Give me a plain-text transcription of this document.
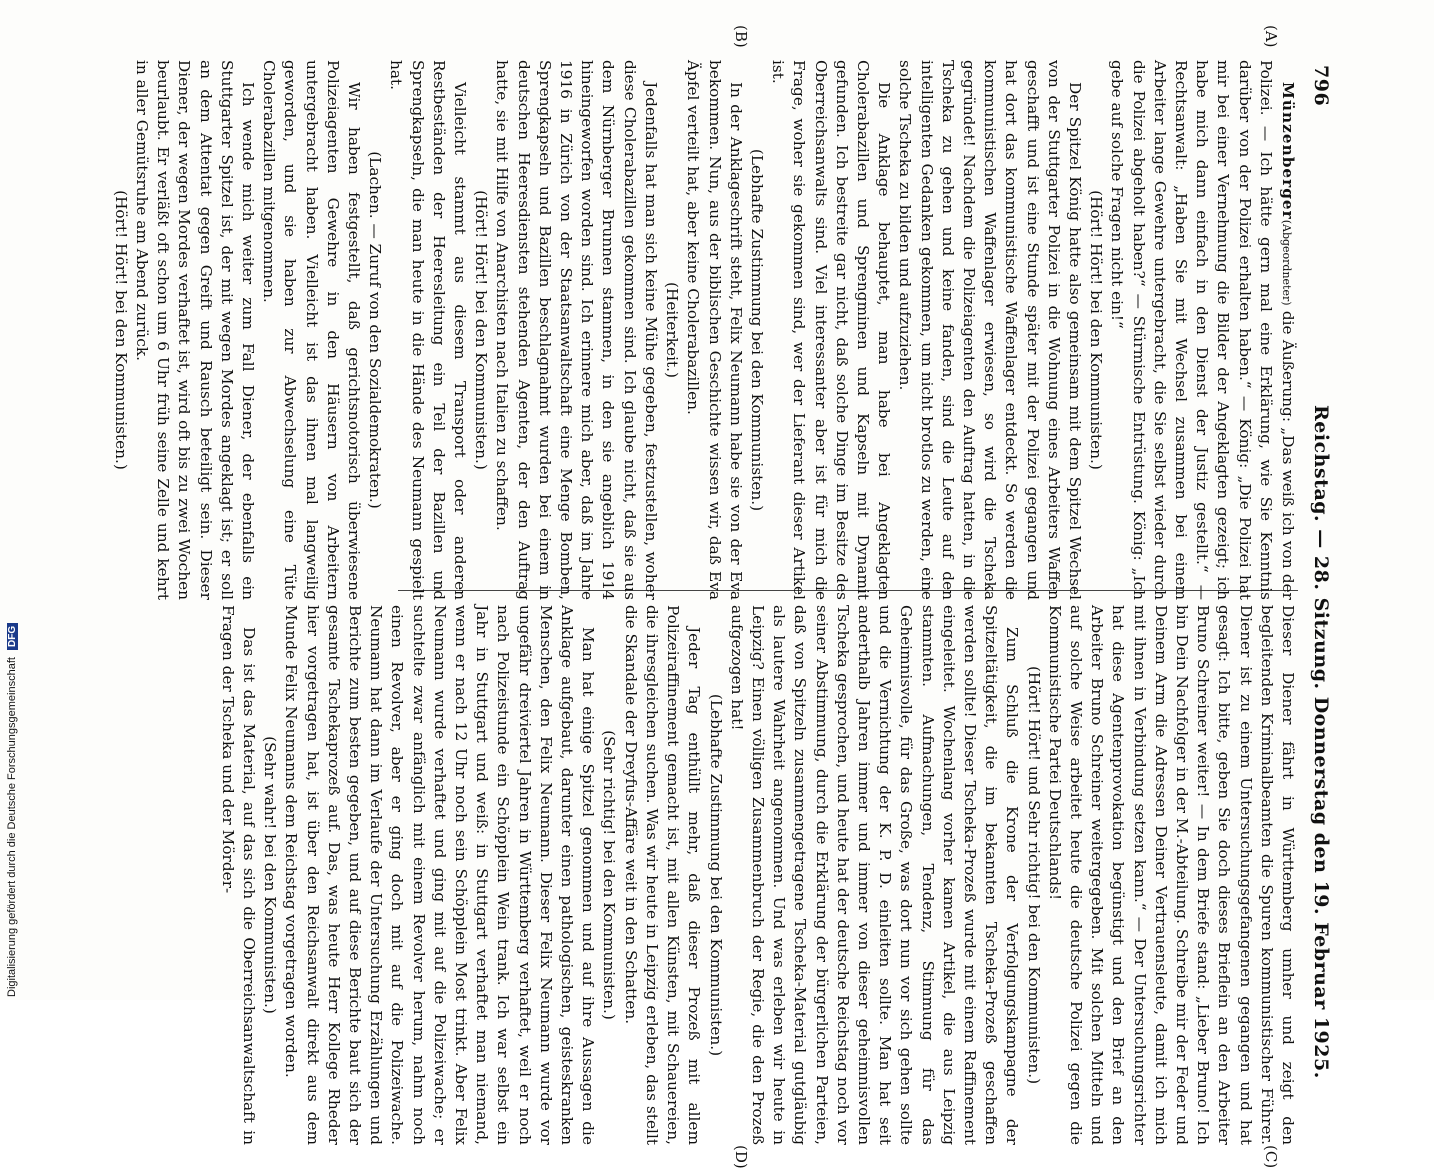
796
Reichstag. — 28. Sitzung. Donnerstag den 19. Februar 1925.
(A)
(B)
(C)
(D)

Münzenberger(Abgeordneter) die Äußerung: „Das weiß ich von der Polizei. — Ich hätte gern mal eine Erklärung, wie Sie Kenntnis darüber von der Polizei erhalten haben.“ — König: „Die Polizei hat mir bei einer Vernehmung die Bilder der Angeklagten gezeigt; ich habe mich dann einfach in den Dienst der Justiz gestellt.“ — Rechtsanwalt: „Haben Sie mit Wechsel zusammen bei einem Arbeiter lange Gewehre untergebracht, die Sie selbst wieder durch die Polizei abgeholt haben?“ — Stürmische Entrüstung. König: „Ich gebe auf solche Fragen nicht ein!“

(Hört! Hört! bei den Kommunisten.)

Der Spitzel König hatte also gemeinsam mit dem Spitzel Wechsel von der Stuttgarter Polizei in die Wohnung eines Arbeiters Waffen geschafft und ist eine Stunde später mit der Polizei gegangen und hat dort das kommunistische Waffenlager entdeckt. So werden die kommunistischen Waffenlager erwiesen, so wird die Tscheka gegründet! Nachdem die Polizeiagenten den Auftrag hatten, in die Tscheka zu gehen und keine fanden, sind die Leute auf den intelligenten Gedanken gekommen, um nicht brotlos zu werden, eine solche Tscheka zu bilden und aufzuziehen.

Die Anklage behauptet, man habe bei Angeklagten Cholerabazillen und Sprengminen und Kapseln mit Dynamit gefunden. Ich bestreite gar nicht, daß solche Dinge im Besitze des Oberreichsanwalts sind. Viel interessanter aber ist für mich die Frage, woher sie gekommen sind, wer der Lieferant dieser Artikel ist.

(Lebhafte Zustimmung bei den Kommunisten.)

In der Anklageschrift steht, Felix Neumann habe sie von der Eva bekommen. Nun, aus der biblischen Geschichte wissen wir, daß Eva Äpfel verteilt hat, aber keine Cholerabazillen.

(Heiterkeit.)

Jedenfalls hat man sich keine Mühe gegeben, festzustellen, woher diese Cholerabazillen gekommen sind. Ich glaube nicht, daß sie aus dem Nürnberger Brunnen stammen, in den sie angeblich 1914 hineingeworfen worden sind. Ich erinnere mich aber, daß im Jahre 1916 in Zürich von der Staatsanwaltschaft eine Menge Bomben, Sprengkapseln und Bazillen beschlagnahmt wurden bei einem in deutschen Heeresdiensten stehenden Agenten, der den Auftrag hatte, sie mit Hilfe von Anarchisten nach Italien zu schaffen.

(Hört! Hört! bei den Kommunisten.)

Vielleicht stammt aus diesem Transport oder anderen Restbeständen der Heeresleitung ein Teil der Bazillen und Sprengkapseln, die man heute in die Hände des Neumann gespielt hat.

(Lachen. — Zuruf von den Sozialdemokraten.)

Wir haben festgestellt, daß gerichtsnotorisch überwiesene Polizeiagenten Gewehre in den Häusern von Arbeitern untergebracht haben. Vielleicht ist das ihnen mal langweilig geworden, und sie haben zur Abwechselung eine Tüte Cholerabazillen mitgenommen.

Ich wende mich weiter zum Fall Diener, der ebenfalls ein Stuttgarter Spitzel ist, der mit wegen Mordes angeklagt ist; er soll an dem Attentat gegen Greift und Rausch beteiligt sein. Dieser Diener, der wegen Mordes verhaftet ist, wird oft bis zu zwei Wochen beurlaubt. Er verläßt oft schon um 6 Uhr früh seine Zelle und kehrt in aller Gemütsruhe am Abend zurück.

(Hört! Hört! bei den Kommunisten.)

Dieser Diener fährt in Württemberg umher und zeigt den begleitenden Kriminalbeamten die Spuren kommunistischer Führer. Diener ist zu einem Untersuchungsgefangenen gegangen und hat gesagt: Ich bitte, geben Sie doch dieses Brieflein an den Arbeiter Bruno Schreiner weiter! — In dem Briefe stand: „Lieber Bruno! Ich bin Dein Nachfolger in der M.-Abteilung. Schreibe mir der Feder und Deinem Arm die Adressen Deiner Vertrauensleute, damit ich mich mit ihnen in Verbindung setzen kann.“ — Der Untersuchungsrichter hat diese Agentenprovokation begünstigt und den Brief an den Arbeiter Bruno Schreiner weitergegeben. Mit solchen Mitteln und auf solche Weise arbeitet heute die deutsche Polizei gegen die Kommunistische Partei Deutschlands!

(Hört! Hört! und Sehr richtig! bei den Kommunisten.)

Zum Schluß die Krone der Verfolgungskampagne der Spitzeltätigkeit, die im bekannten Tscheka-Prozeß geschaffen werden sollte! Dieser Tscheka-Prozeß wurde mit einem Raffinement eingeleitet. Wochenlang vorher kamen Artikel, die aus Leipzig stammten. Aufmachungen, Tendenz, Stimmung für das Geheimnisvolle, für das Große, was dort nun vor sich gehen sollte und die Vernichtung der K. P. D. einleiten sollte. Man hat seit anderthalb Jahren immer und immer von dieser geheimnisvollen Tscheka gesprochen, und heute hat der deutsche Reichstag noch vor seiner Abstimmung, durch die Erklärung der bürgerlichen Parteien, daß von Spitzeln zusammengetragene Tscheka-Material gutgläubig als lautere Wahrheit angenommen. Und was erleben wir heute in Leipzig? Einen völligen Zusammenbruch der Regie, die den Prozeß aufgezogen hat!

(Lebhafte Zustimmung bei den Kommunisten.)

Jeder Tag enthüllt mehr, daß dieser Prozeß mit allem Polizeiraffinement gemacht ist, mit allen Künsten, mit Schauereien, die ihresgleichen suchen. Was wir heute in Leipzig erleben, das stellt die Skandale der Dreyfus-Affäre weit in den Schatten.

(Sehr richtig! bei den Kommunisten.)

Man hat einige Spitzel genommen und auf ihre Aussagen die Anklage aufgebaut, darunter einen pathologischen, geisteskranken Menschen, den Felix Neumann. Dieser Felix Neumann wurde vor ungefähr dreiviertel Jahren in Württemberg verhaftet, weil er noch nach Polizeistunde ein Schöpplein Wein trank. Ich war selbst ein Jahr in Stuttgart und weiß: in Stuttgart verhaftet man niemand, wenn er nach 12 Uhr noch sein Schöpplein Most trinkt. Aber Felix Neumann wurde verhaftet und ging mit auf die Polizeiwache; er suchtelte zwar anfänglich mit einem Revolver herum, nahm noch einen Revolver, aber er ging doch mit auf die Polizeiwache. Neumann hat dann im Verlaufe der Untersuchung Erzählungen und Berichte zum besten gegeben, und auf diese Berichte baut sich der gesamte Tschekaprozeß auf. Das, was heute Herr Kollege Rheder hier vorgetragen hat, ist über den Reichsanwalt direkt aus dem Munde Felix Neumanns dem Reichstag vorgetragen worden.

(Sehr wahr! bei den Kommunisten.)

Das ist das Material, auf das sich die Oberreichsanwaltschaft in Fragen der Tscheka und der Mörder-

Digitalisierung gefördert durch die Deutsche Forschungsgemeinschaft DFG
